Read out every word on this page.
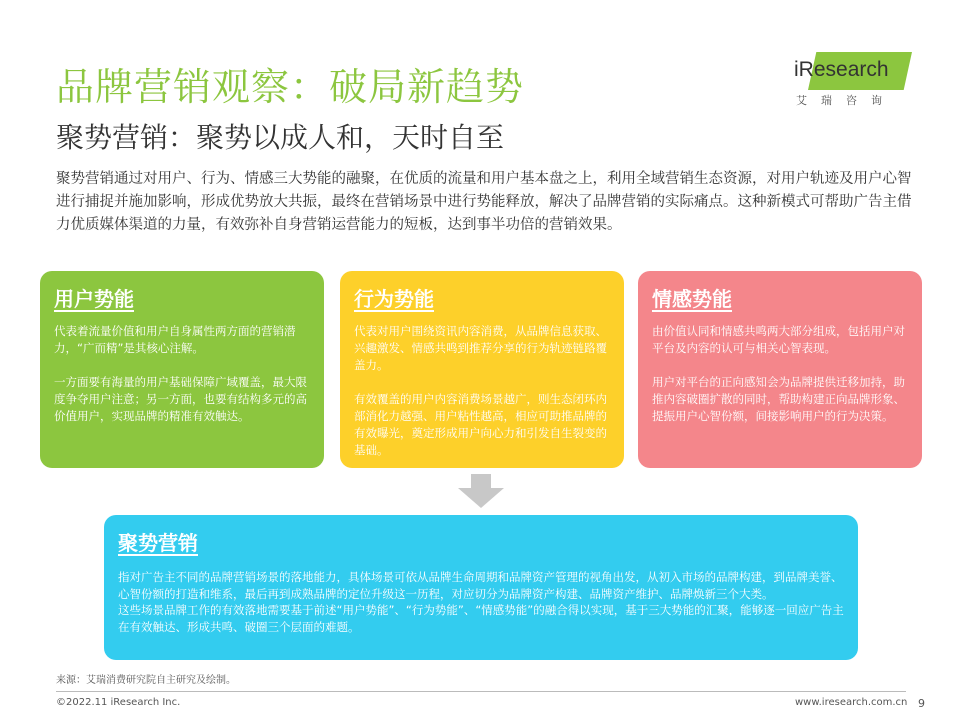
品牌营销观察：破局新趋势
聚势营销：聚势以成人和，天时自至
iResearch
艾瑞咨询
聚势营销通过对用户、行为、情感三大势能的融聚，在优质的流量和用户基本盘之上，利用全域营销生态资源，对用户轨迹及用户心智进行捕捉并施加影响，形成优势放大共振，最终在营销场景中进行势能释放，解决了品牌营销的实际痛点。这种新模式可帮助广告主借力优质媒体渠道的力量，有效弥补自身营销运营能力的短板，达到事半功倍的营销效果。
用户势能

代表着流量价值和用户自身属性两方面的营销潜力，“广而精”是其核心注解。

一方面要有海量的用户基础保障广域覆盖，最大限度争夺用户注意；另一方面，也要有结构多元的高价值用户，实现品牌的精准有效触达。

行为势能

代表对用户围绕资讯内容消费，从品牌信息获取、兴趣激发、情感共鸣到推荐分享的行为轨迹链路覆盖力。

有效覆盖的用户内容消费场景越广，则生态闭环内部消化力越强、用户粘性越高，相应可助推品牌的有效曝光，奠定形成用户向心力和引发自生裂变的基础。

情感势能

由价值认同和情感共鸣两大部分组成，包括用户对平台及内容的认可与相关心智表现。

用户对平台的正向感知会为品牌提供迁移加持，助推内容破圈扩散的同时，帮助构建正向品牌形象、提振用户心智份额，间接影响用户的行为决策。

聚势营销

指对广告主不同的品牌营销场景的落地能力，具体场景可依从品牌生命周期和品牌资产管理的视角出发，从初入市场的品牌构建，到品牌美誉、心智份额的打造和维系，最后再到成熟品牌的定位升级这一历程，对应切分为品牌资产构建、品牌资产维护、品牌焕新三个大类。

这些场景品牌工作的有效落地需要基于前述“用户势能”、“行为势能”、“情感势能”的融合得以实现，基于三大势能的汇聚，能够逐一回应广告主在有效触达、形成共鸣、破圈三个层面的难题。

来源：艾瑞消费研究院自主研究及绘制。
©2022.11 iResearch Inc.	www.iresearch.com.cn 9
